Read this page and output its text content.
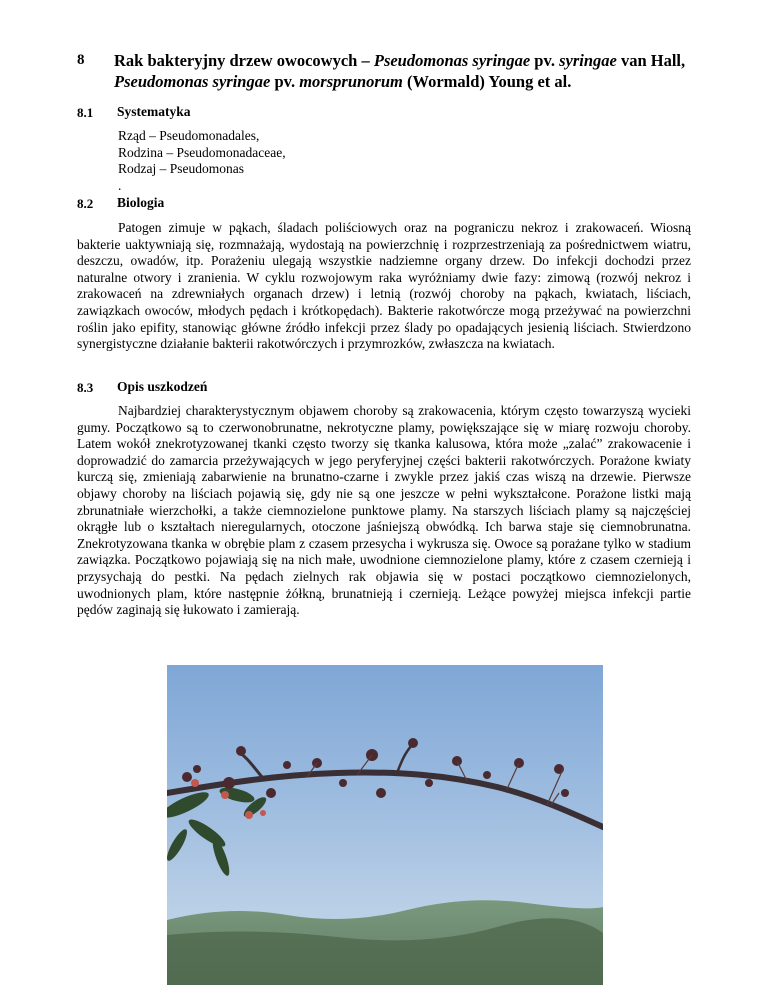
8 Rak bakteryjny drzew owocowych – Pseudomonas syringae pv. syringae van Hall, Pseudomonas syringae pv. morsprunorum (Wormald) Young et al.
8.1 Systematyka
Rząd – Pseudomonadales,
Rodzina – Pseudomonadaceae,
Rodzaj – Pseudomonas
.
8.2 Biologia

Patogen zimuje w pąkach, śladach poliściowych oraz na pograniczu nekroz i zrakowaceń. Wiosną bakterie uaktywniają się, rozmnażają, wydostają na powierzchnię i rozprzestrzeniają za pośrednictwem wiatru, deszczu, owadów, itp. Porażeniu ulegają wszystkie nadziemne organy drzew. Do infekcji dochodzi przez naturalne otwory i zranienia. W cyklu rozwojowym raka wyróżniamy dwie fazy: zimową (rozwój nekroz i zrakowaceń na zdrewniałych organach drzew) i letnią (rozwój choroby na pąkach, kwiatach, liściach, zawiązkach owoców, młodych pędach i krótkopędach). Bakterie rakotwórcze mogą przeżywać na powierzchni roślin jako epifity, stanowiąc główne źródło infekcji przez ślady po opadających jesienią liściach. Stwierdzono synergistyczne działanie bakterii rakotwórczych i przymrozków, zwłaszcza na kwiatach.

8.3 Opis uszkodzeń

Najbardziej charakterystycznym objawem choroby są zrakowacenia, którym często towarzyszą wycieki gumy. Początkowo są to czerwonobrunatne, nekrotyczne plamy, powiększające się w miarę rozwoju choroby. Latem wokół znekrotyzowanej tkanki często tworzy się tkanka kalusowa, która może „zalać” zrakowacenie i doprowadzić do zamarcia przeżywających w jego peryferyjnej części bakterii rakotwórczych. Porażone kwiaty kurczą się, zmieniają zabarwienie na brunatno-czarne i zwykle przez jakiś czas wiszą na drzewie. Pierwsze objawy choroby na liściach pojawią się, gdy nie są one jeszcze w pełni wykształcone. Porażone listki mają zbrunatniałe wierzchołki, a także ciemnozielone punktowe plamy. Na starszych liściach plamy są najczęściej okrągłe lub o kształtach nieregularnych, otoczone jaśniejszą obwódką. Ich barwa staje się ciemnobrunatna. Znekrotyzowana tkanka w obrębie plam z czasem przesycha i wykrusza się. Owoce są porażane tylko w stadium zawiązka. Początkowo pojawiają się na nich małe, uwodnione ciemnozielone plamy, które z czasem czernieją i przysychają do pestki. Na pędach zielnych rak objawia się w postaci początkowo ciemnozielonych, uwodnionych plam, które następnie żółkną, brunatnieją i czernieją. Leżące powyżej miejsca infekcji partie pędów zaginają się łukowato i zamierają.
